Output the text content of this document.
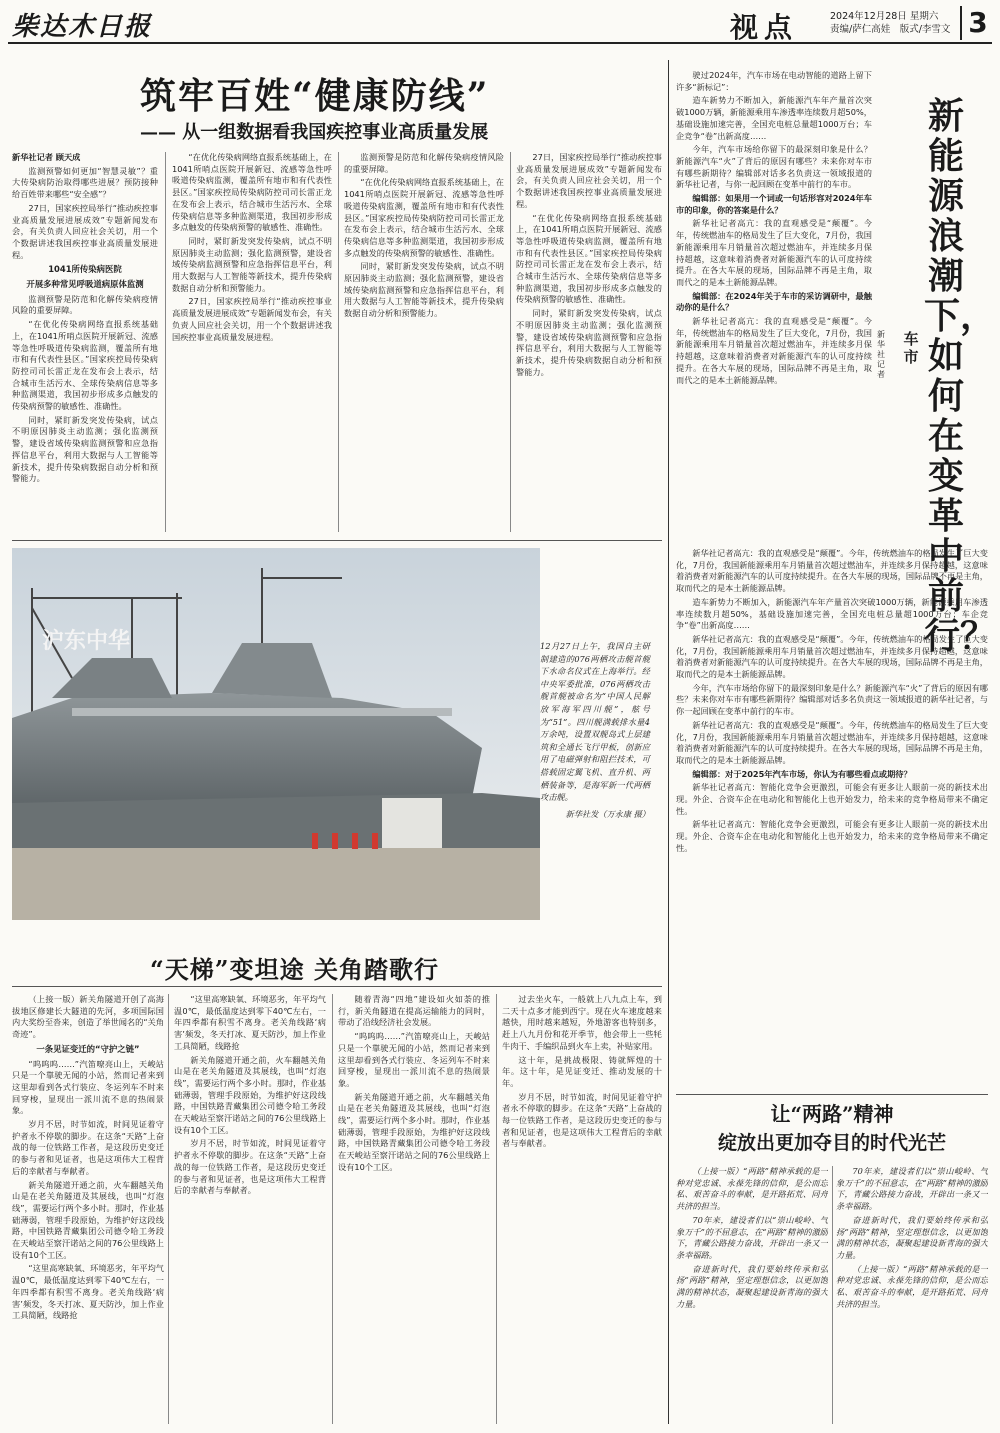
柴达木日报	视点	2024年12月28日 星期六
责编/萨仁高娃　版式/李雪文 3
筑牢百姓“健康防线”
—— 从一组数据看我国疾控事业高质量发展

新华社记者 顾天成

监测预警如何更加“智慧灵敏”？重大传染病防治取得哪些进展？预防接种给百姓带来哪些“安全感”？

27日，国家疾控局举行“推动疾控事业高质量发展进展成效”专题新闻发布会，有关负责人回应社会关切，用一个个数据讲述我国疾控事业高质量发展进程。

1041所传染病医院
开展多种常见呼吸道病原体监测

监测预警是防范和化解传染病疫情风险的重要屏障。

“在优化传染病网络直报系统基础上，在1041所哨点医院开展新冠、流感等急性呼吸道传染病监测，覆盖所有地市和有代表性县区。”国家疾控局传染病防控司司长雷正龙在发布会上表示，结合城市生活污水、全球传染病信息等多种监测渠道，我国初步形成多点触发的传染病预警的敏感性、准确性。

同时，紧盯新发突发传染病，试点不明原因肺炎主动监测；强化监测预警，建设省域传染病监测预警和应急指挥信息平台，利用大数据与人工智能等新技术，提升传染病数据自动分析和预警能力。

“在优化传染病网络直报系统基础上，在1041所哨点医院开展新冠、流感等急性呼吸道传染病监测，覆盖所有地市和有代表性县区。”国家疾控局传染病防控司司长雷正龙在发布会上表示，结合城市生活污水、全球传染病信息等多种监测渠道，我国初步形成多点触发的传染病预警的敏感性、准确性。

同时，紧盯新发突发传染病，试点不明原因肺炎主动监测；强化监测预警，建设省域传染病监测预警和应急指挥信息平台，利用大数据与人工智能等新技术，提升传染病数据自动分析和预警能力。

27日，国家疾控局举行“推动疾控事业高质量发展进展成效”专题新闻发布会，有关负责人回应社会关切，用一个个数据讲述我国疾控事业高质量发展进程。

监测预警是防范和化解传染病疫情风险的重要屏障。

“在优化传染病网络直报系统基础上，在1041所哨点医院开展新冠、流感等急性呼吸道传染病监测，覆盖所有地市和有代表性县区。”国家疾控局传染病防控司司长雷正龙在发布会上表示，结合城市生活污水、全球传染病信息等多种监测渠道，我国初步形成多点触发的传染病预警的敏感性、准确性。

同时，紧盯新发突发传染病，试点不明原因肺炎主动监测；强化监测预警，建设省域传染病监测预警和应急指挥信息平台，利用大数据与人工智能等新技术，提升传染病数据自动分析和预警能力。

27日，国家疾控局举行“推动疾控事业高质量发展进展成效”专题新闻发布会，有关负责人回应社会关切，用一个个数据讲述我国疾控事业高质量发展进程。

“在优化传染病网络直报系统基础上，在1041所哨点医院开展新冠、流感等急性呼吸道传染病监测，覆盖所有地市和有代表性县区。”国家疾控局传染病防控司司长雷正龙在发布会上表示，结合城市生活污水、全球传染病信息等多种监测渠道，我国初步形成多点触发的传染病预警的敏感性、准确性。

同时，紧盯新发突发传染病，试点不明原因肺炎主动监测；强化监测预警，建设省域传染病监测预警和应急指挥信息平台，利用大数据与人工智能等新技术，提升传染病数据自动分析和预警能力。

沪东中华	12月27日上午，我国自主研制建造的076两栖攻击舰首舰下水命名仪式在上海举行。经中央军委批准，076两栖攻击舰首舰被命名为“中国人民解放军海军四川舰”，舷号为“51”。四川舰满载排水量4万余吨，设置双舰岛式上层建筑和全通长飞行甲板，创新应用了电磁弹射和阻拦技术，可搭载固定翼飞机、直升机、两栖装备等，是海军新一代两栖攻击舰。
新华社发（万永康 摄）
“天梯”变坦途 关角踏歌行

（上接一版）新关角隧道开创了高海拔地区修建长大隧道的先河，多项国际国内大奖纷至沓来，创造了举世闻名的“关角奇迹”。

一条见证变迁的“守护之链”

“呜呜呜……”汽笛嘹亮山上，天峻站只是一个靠驶无闻的小站，然而记者来到这里却看到各式行装应、冬运列车不时来回穿梭，显现出一派川流不息的热闹景象。

岁月不居，时节如流，时间见证着守护者永不停歇的脚步。在这条“天路”上奋战的每一位铁路工作者，是这段历史变迁的参与者和见证者，也是这项伟大工程背后的幸献者与奉献者。

新关角隧道开通之前，火车翻越关角山是在老关角隧道及其展线，也叫“灯泡线”，需要运行两个多小时。那时，作业基础薄弱，管理手段原始，为维护好这段线路，中国铁路青藏集团公司德令哈工务段在天峻站至察汗诺站之间的76公里线路上设有10个工区。

“这里高寒缺氧、环境恶劣，年平均气温0℃，最低温度达到零下40℃左右，一年四季都有积雪不离身。老关角线路‘病害’频发，冬天打冰、夏天防沙，加上作业工具简陋，线路抢

“这里高寒缺氧、环境恶劣，年平均气温0℃，最低温度达到零下40℃左右，一年四季都有积雪不离身。老关角线路‘病害’频发，冬天打冰、夏天防沙，加上作业工具简陋，线路抢

新关角隧道开通之前，火车翻越关角山是在老关角隧道及其展线，也叫“灯泡线”，需要运行两个多小时。那时，作业基础薄弱，管理手段原始，为维护好这段线路，中国铁路青藏集团公司德令哈工务段在天峻站至察汗诺站之间的76公里线路上设有10个工区。

岁月不居，时节如流，时间见证着守护者永不停歇的脚步。在这条“天路”上奋战的每一位铁路工作者，是这段历史变迁的参与者和见证者，也是这项伟大工程背后的幸献者与奉献者。

随着青海“四地”建设如火如荼的推行，新关角隧道在提高运输能力的同时，带动了沿线经济社会发展。

“呜呜呜……”汽笛嘹亮山上，天峻站只是一个靠驶无闻的小站，然而记者来到这里却看到各式行装应、冬运列车不时来回穿梭，显现出一派川流不息的热闹景象。

新关角隧道开通之前，火车翻越关角山是在老关角隧道及其展线，也叫“灯泡线”，需要运行两个多小时。那时，作业基础薄弱，管理手段原始，为维护好这段线路，中国铁路青藏集团公司德令哈工务段在天峻站至察汗诺站之间的76公里线路上设有10个工区。

过去坐火车，一般就上八九点上车，到二天十点多才能到西宁。现在火车速度越来越快，用时越来越短，外地游客也特别多，赶上八九月份和花开季节，他会带上一些牦牛肉干、手编织品到火车上卖，补贴家用。

这十年，是挑战极限、铸就辉煌的十年。这十年，是见证变迁、推动发展的十年。

岁月不居，时节如流，时间见证着守护者永不停歇的脚步。在这条“天路”上奋战的每一位铁路工作者，是这段历史变迁的参与者和见证者，也是这项伟大工程背后的幸献者与奉献者。

新能源浪潮下，如何在变革中前行？
车市
新华社记者

驶过2024年，汽车市场在电动智能的道路上留下许多“新标记”：

造车新势力不断加入，新能源汽车年产量首次突破1000万辆，新能源乘用车渗透率连续数月超50%，基础设施加速完善，全国充电桩总量超1000万台；车企竞争“卷”出新高度……

今年，汽车市场给你留下的最深刻印象是什么？新能源汽车“火”了背后的原因有哪些？未来你对车市有哪些新期待？编辑部对话多名负责这一领域报道的新华社记者，与你一起回顾在变革中前行的车市。

编辑部：如果用一个词或一句话形容对2024年车市的印象，你的答案是什么？

新华社记者高亢：我的直观感受是“颠覆”。今年，传统燃油车的格局发生了巨大变化，7月份，我国新能源乘用车月销量首次超过燃油车，并连续多月保持超越，这意味着消费者对新能源汽车的认可度持续提升。在各大车展的现场，国际品牌不再是主角，取而代之的是本土新能源品牌。

编辑部：在2024年关于车市的采访调研中，最触动你的是什么？

新华社记者高亢：我的直观感受是“颠覆”。今年，传统燃油车的格局发生了巨大变化，7月份，我国新能源乘用车月销量首次超过燃油车，并连续多月保持超越，这意味着消费者对新能源汽车的认可度持续提升。在各大车展的现场，国际品牌不再是主角，取而代之的是本土新能源品牌。

新华社记者高亢：我的直观感受是“颠覆”。今年，传统燃油车的格局发生了巨大变化，7月份，我国新能源乘用车月销量首次超过燃油车，并连续多月保持超越，这意味着消费者对新能源汽车的认可度持续提升。在各大车展的现场，国际品牌不再是主角，取而代之的是本土新能源品牌。

造车新势力不断加入，新能源汽车年产量首次突破1000万辆，新能源乘用车渗透率连续数月超50%，基础设施加速完善，全国充电桩总量超1000万台；车企竞争“卷”出新高度……

新华社记者高亢：我的直观感受是“颠覆”。今年，传统燃油车的格局发生了巨大变化，7月份，我国新能源乘用车月销量首次超过燃油车，并连续多月保持超越，这意味着消费者对新能源汽车的认可度持续提升。在各大车展的现场，国际品牌不再是主角，取而代之的是本土新能源品牌。

今年，汽车市场给你留下的最深刻印象是什么？新能源汽车“火”了背后的原因有哪些？未来你对车市有哪些新期待？编辑部对话多名负责这一领域报道的新华社记者，与你一起回顾在变革中前行的车市。

新华社记者高亢：我的直观感受是“颠覆”。今年，传统燃油车的格局发生了巨大变化，7月份，我国新能源乘用车月销量首次超过燃油车，并连续多月保持超越，这意味着消费者对新能源汽车的认可度持续提升。在各大车展的现场，国际品牌不再是主角，取而代之的是本土新能源品牌。

编辑部：对于2025年汽车市场，你认为有哪些看点或期待？

新华社记者高亢：智能化竞争会更激烈，可能会有更多让人眼前一亮的新技术出现。外企、合资车企在电动化和智能化上也开始发力，给未来的竞争格局带来不确定性。

新华社记者高亢：智能化竞争会更激烈，可能会有更多让人眼前一亮的新技术出现。外企、合资车企在电动化和智能化上也开始发力，给未来的竞争格局带来不确定性。

让“两路”精神
绽放出更加夺目的时代光芒

（上接一版）“两路”精神承载的是一种对党忠诚、永葆先锋的信仰，是公而忘私、艰苦奋斗的奉献，是开路拓荒、同舟共济的担当。

70年来，建设者们以“崇山峻岭、气象万千”的不屈意志，在“两路”精神的激励下，青藏公路接力奋战，开辟出一条又一条幸福路。

奋进新时代，我们要始终传承和弘扬“两路”精神，坚定理想信念，以更加饱满的精神状态，凝聚起建设新青海的强大力量。

70年来，建设者们以“崇山峻岭、气象万千”的不屈意志，在“两路”精神的激励下，青藏公路接力奋战，开辟出一条又一条幸福路。

奋进新时代，我们要始终传承和弘扬“两路”精神，坚定理想信念，以更加饱满的精神状态，凝聚起建设新青海的强大力量。

（上接一版）“两路”精神承载的是一种对党忠诚、永葆先锋的信仰，是公而忘私、艰苦奋斗的奉献，是开路拓荒、同舟共济的担当。
